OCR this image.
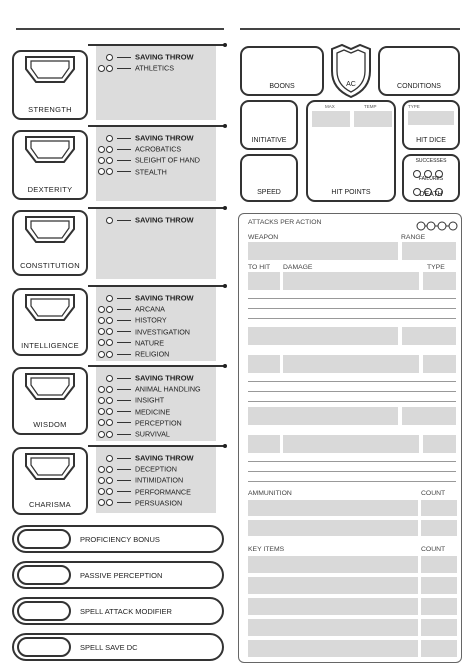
STRENGTH
SAVING THROW
ATHLETICS
DEXTERITY
SAVING THROW
ACROBATICS
SLEIGHT OF HAND
STEALTH
CONSTITUTION
SAVING THROW
INTELLIGENCE
SAVING THROW
ARCANA
HISTORY
INVESTIGATION
NATURE
RELIGION
WISDOM
SAVING THROW
ANIMAL HANDLING
INSIGHT
MEDICINE
PERCEPTION
SURVIVAL
CHARISMA
SAVING THROW
DECEPTION
INTIMIDATION
PERFORMANCE
PERSUASION
PROFICIENCY BONUS
PASSIVE PERCEPTION
SPELL ATTACK MODIFIER
SPELL SAVE DC
BOONS	AC	CONDITIONS
INITIATIVE
MAX	TEMP
HIT POINTS
TYPE
HIT DICE
SPEED
SUCCESSES
FAILURES
DEATH
ATTACKS PER ACTION
WEAPON	RANGE
TO HIT DAMAGE	TYPE
AMMUNITION	COUNT
KEY ITEMS	COUNT
